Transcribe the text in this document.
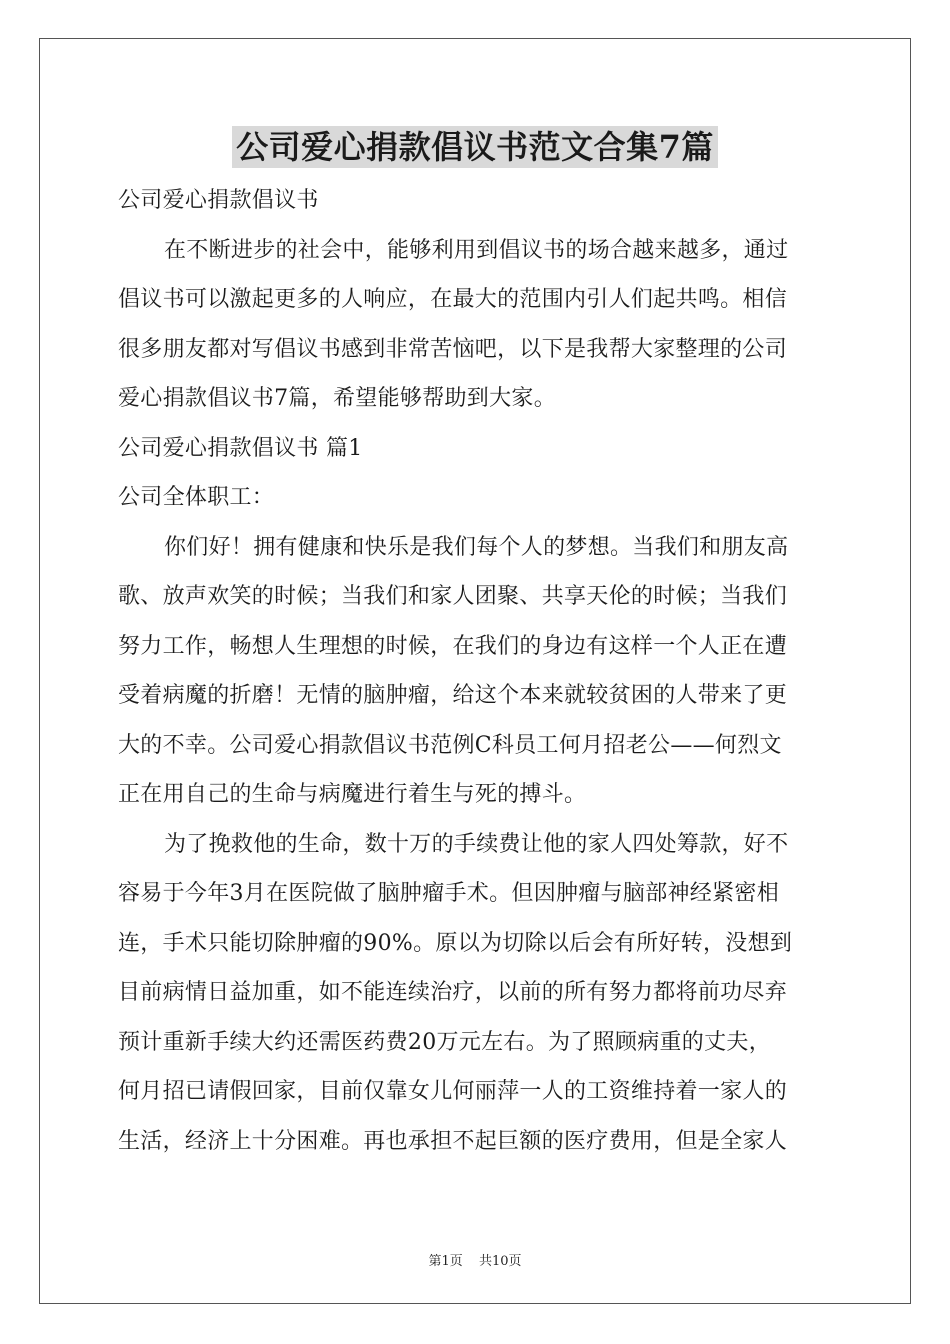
公司爱心捐款倡议书范文合集7篇
公司爱心捐款倡议书
在不断进步的社会中，能够利用到倡议书的场合越来越多，通过
倡议书可以激起更多的人响应，在最大的范围内引人们起共鸣。相信
很多朋友都对写倡议书感到非常苦恼吧，以下是我帮大家整理的公司
爱心捐款倡议书7篇，希望能够帮助到大家。
公司爱心捐款倡议书 篇1
公司全体职工：
你们好！拥有健康和快乐是我们每个人的梦想。当我们和朋友高
歌、放声欢笑的时候；当我们和家人团聚、共享天伦的时候；当我们
努力工作，畅想人生理想的时候，在我们的身边有这样一个人正在遭
受着病魔的折磨！无情的脑肿瘤，给这个本来就较贫困的人带来了更
大的不幸。公司爱心捐款倡议书范例C科员工何月招老公——何烈文
正在用自己的生命与病魔进行着生与死的搏斗。
为了挽救他的生命，数十万的手续费让他的家人四处筹款，好不
容易于今年3月在医院做了脑肿瘤手术。但因肿瘤与脑部神经紧密相
连，手术只能切除肿瘤的90%。原以为切除以后会有所好转，没想到
目前病情日益加重，如不能连续治疗，以前的所有努力都将前功尽弃
预计重新手续大约还需医药费20万元左右。为了照顾病重的丈夫，
何月招已请假回家，目前仅靠女儿何丽萍一人的工资维持着一家人的
生活，经济上十分困难。再也承担不起巨额的医疗费用，但是全家人
第1页 共10页
